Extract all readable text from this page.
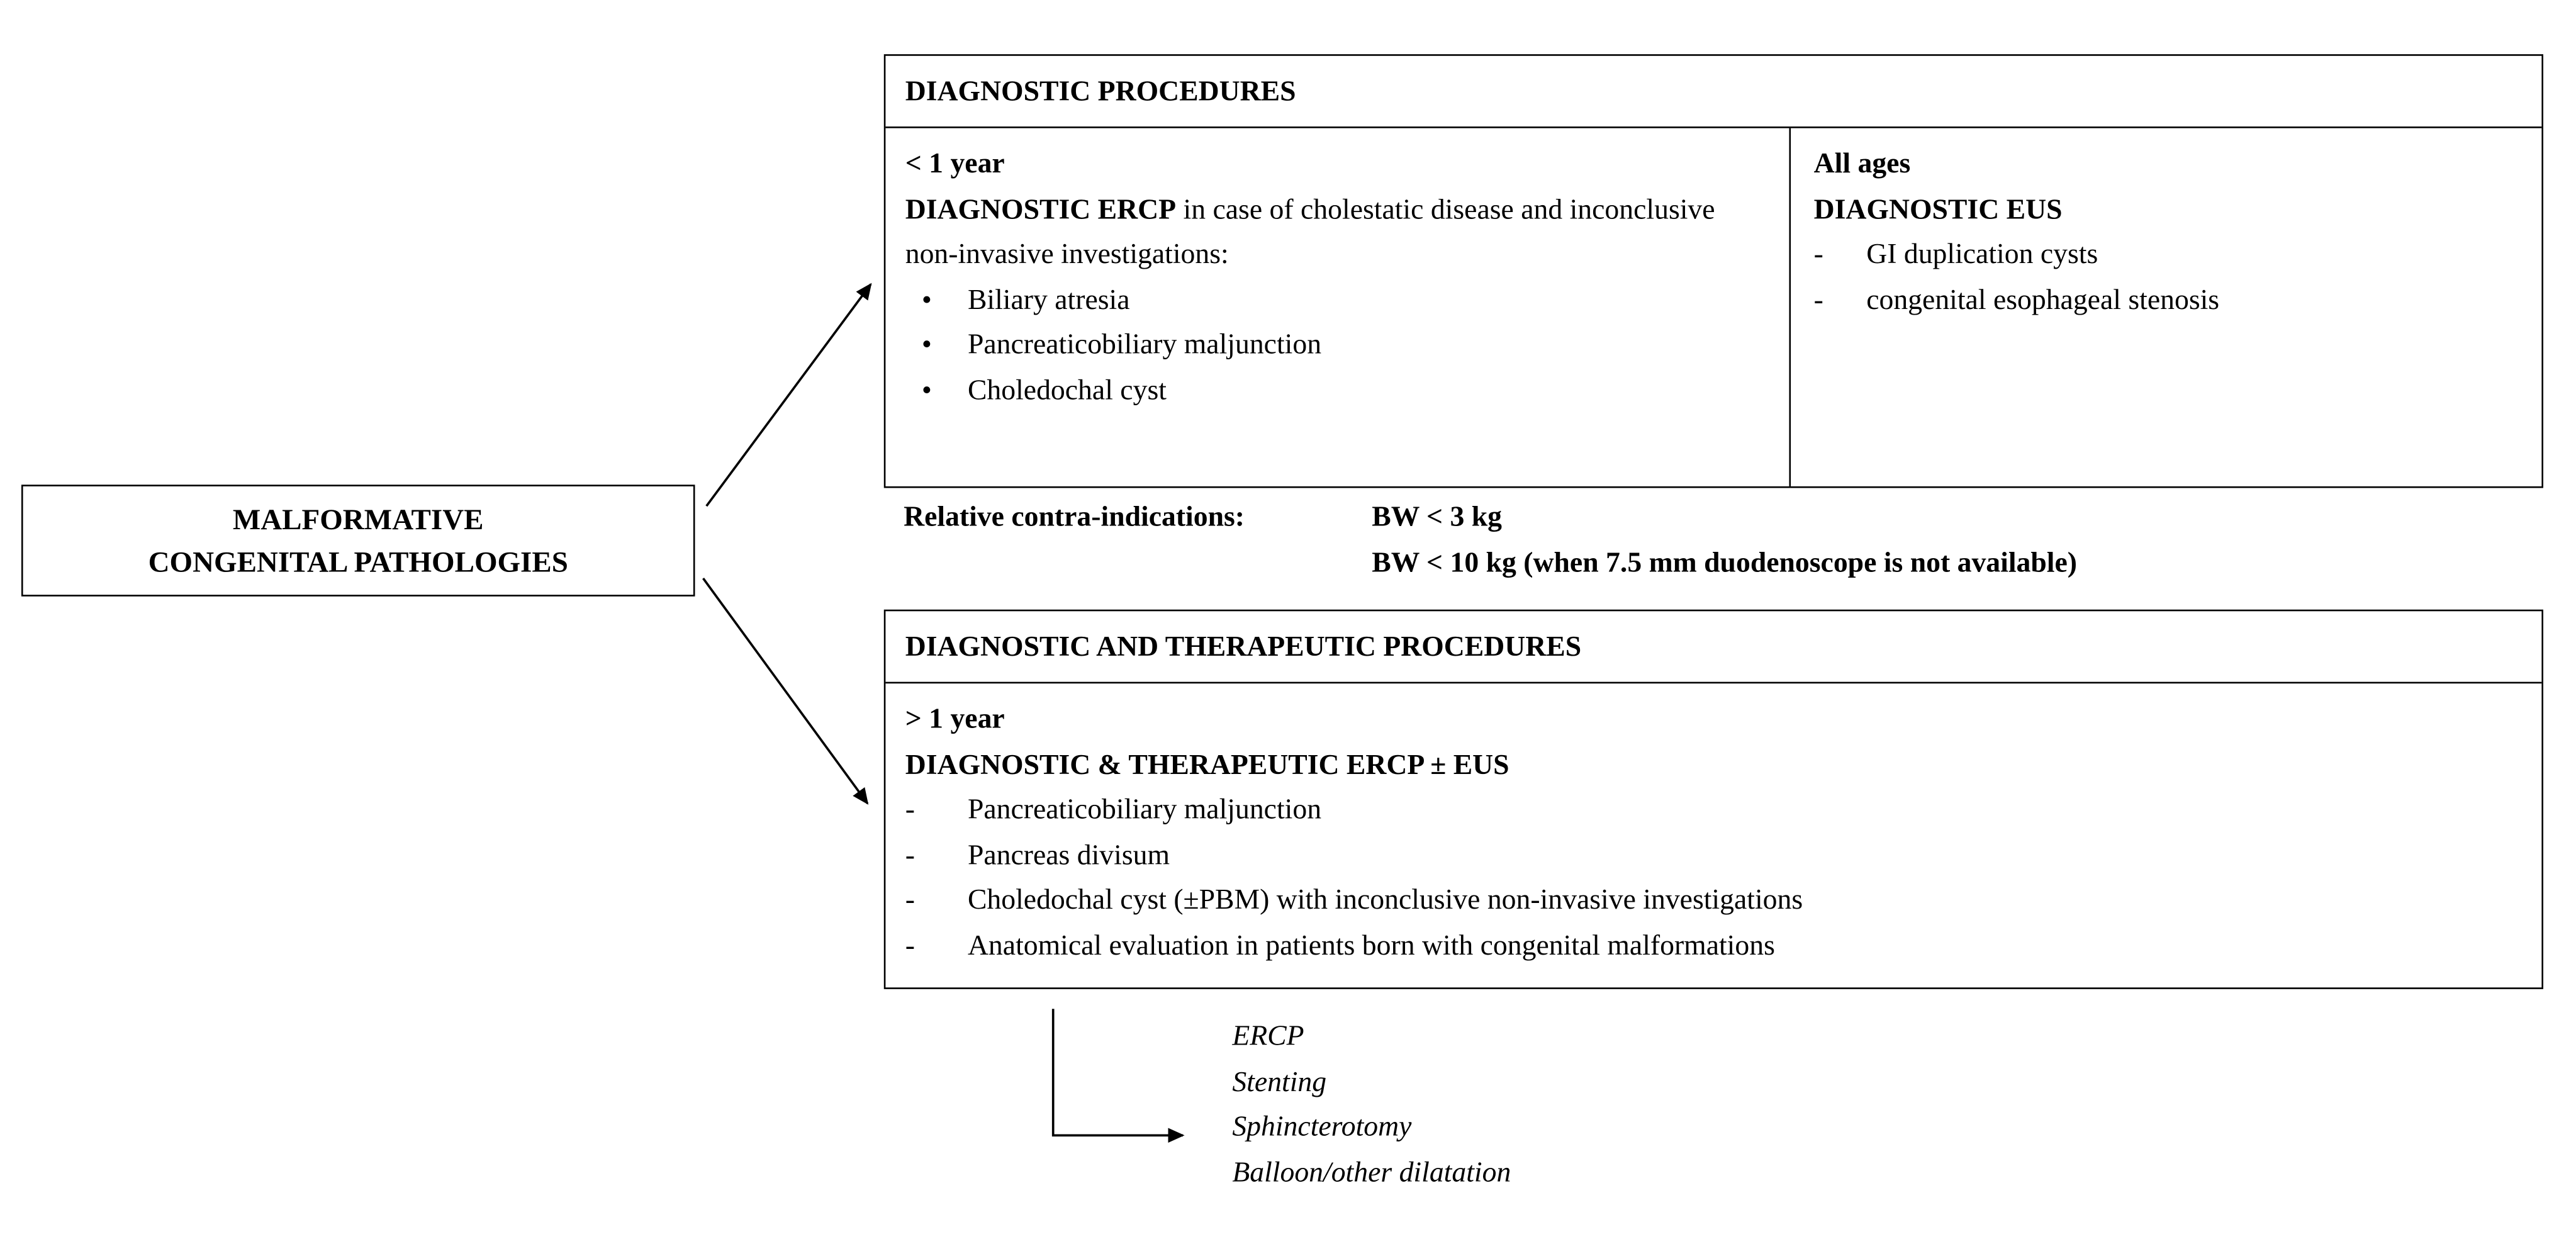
MALFORMATIVE
CONGENITAL PATHOLOGIES
DIAGNOSTIC PROCEDURES
< 1 year
DIAGNOSTIC ERCP in case of cholestatic disease and inconclusive non-invasive investigations:
•	Biliary atresia
•	Pancreaticobiliary maljunction
•	Choledochal cyst
All ages
DIAGNOSTIC EUS
-	GI duplication cysts
-	congenital esophageal stenosis
Relative contra-indications:	BW < 3 kg
BW < 10 kg (when 7.5 mm duodenoscope is not available)
DIAGNOSTIC AND THERAPEUTIC PROCEDURES
> 1 year
DIAGNOSTIC & THERAPEUTIC ERCP ± EUS
-	Pancreaticobiliary maljunction
-	Pancreas divisum
-	Choledochal cyst (±PBM) with inconclusive non-invasive investigations
-	Anatomical evaluation in patients born with congenital malformations
ERCP
Stenting
Sphincterotomy
Balloon/other dilatation
